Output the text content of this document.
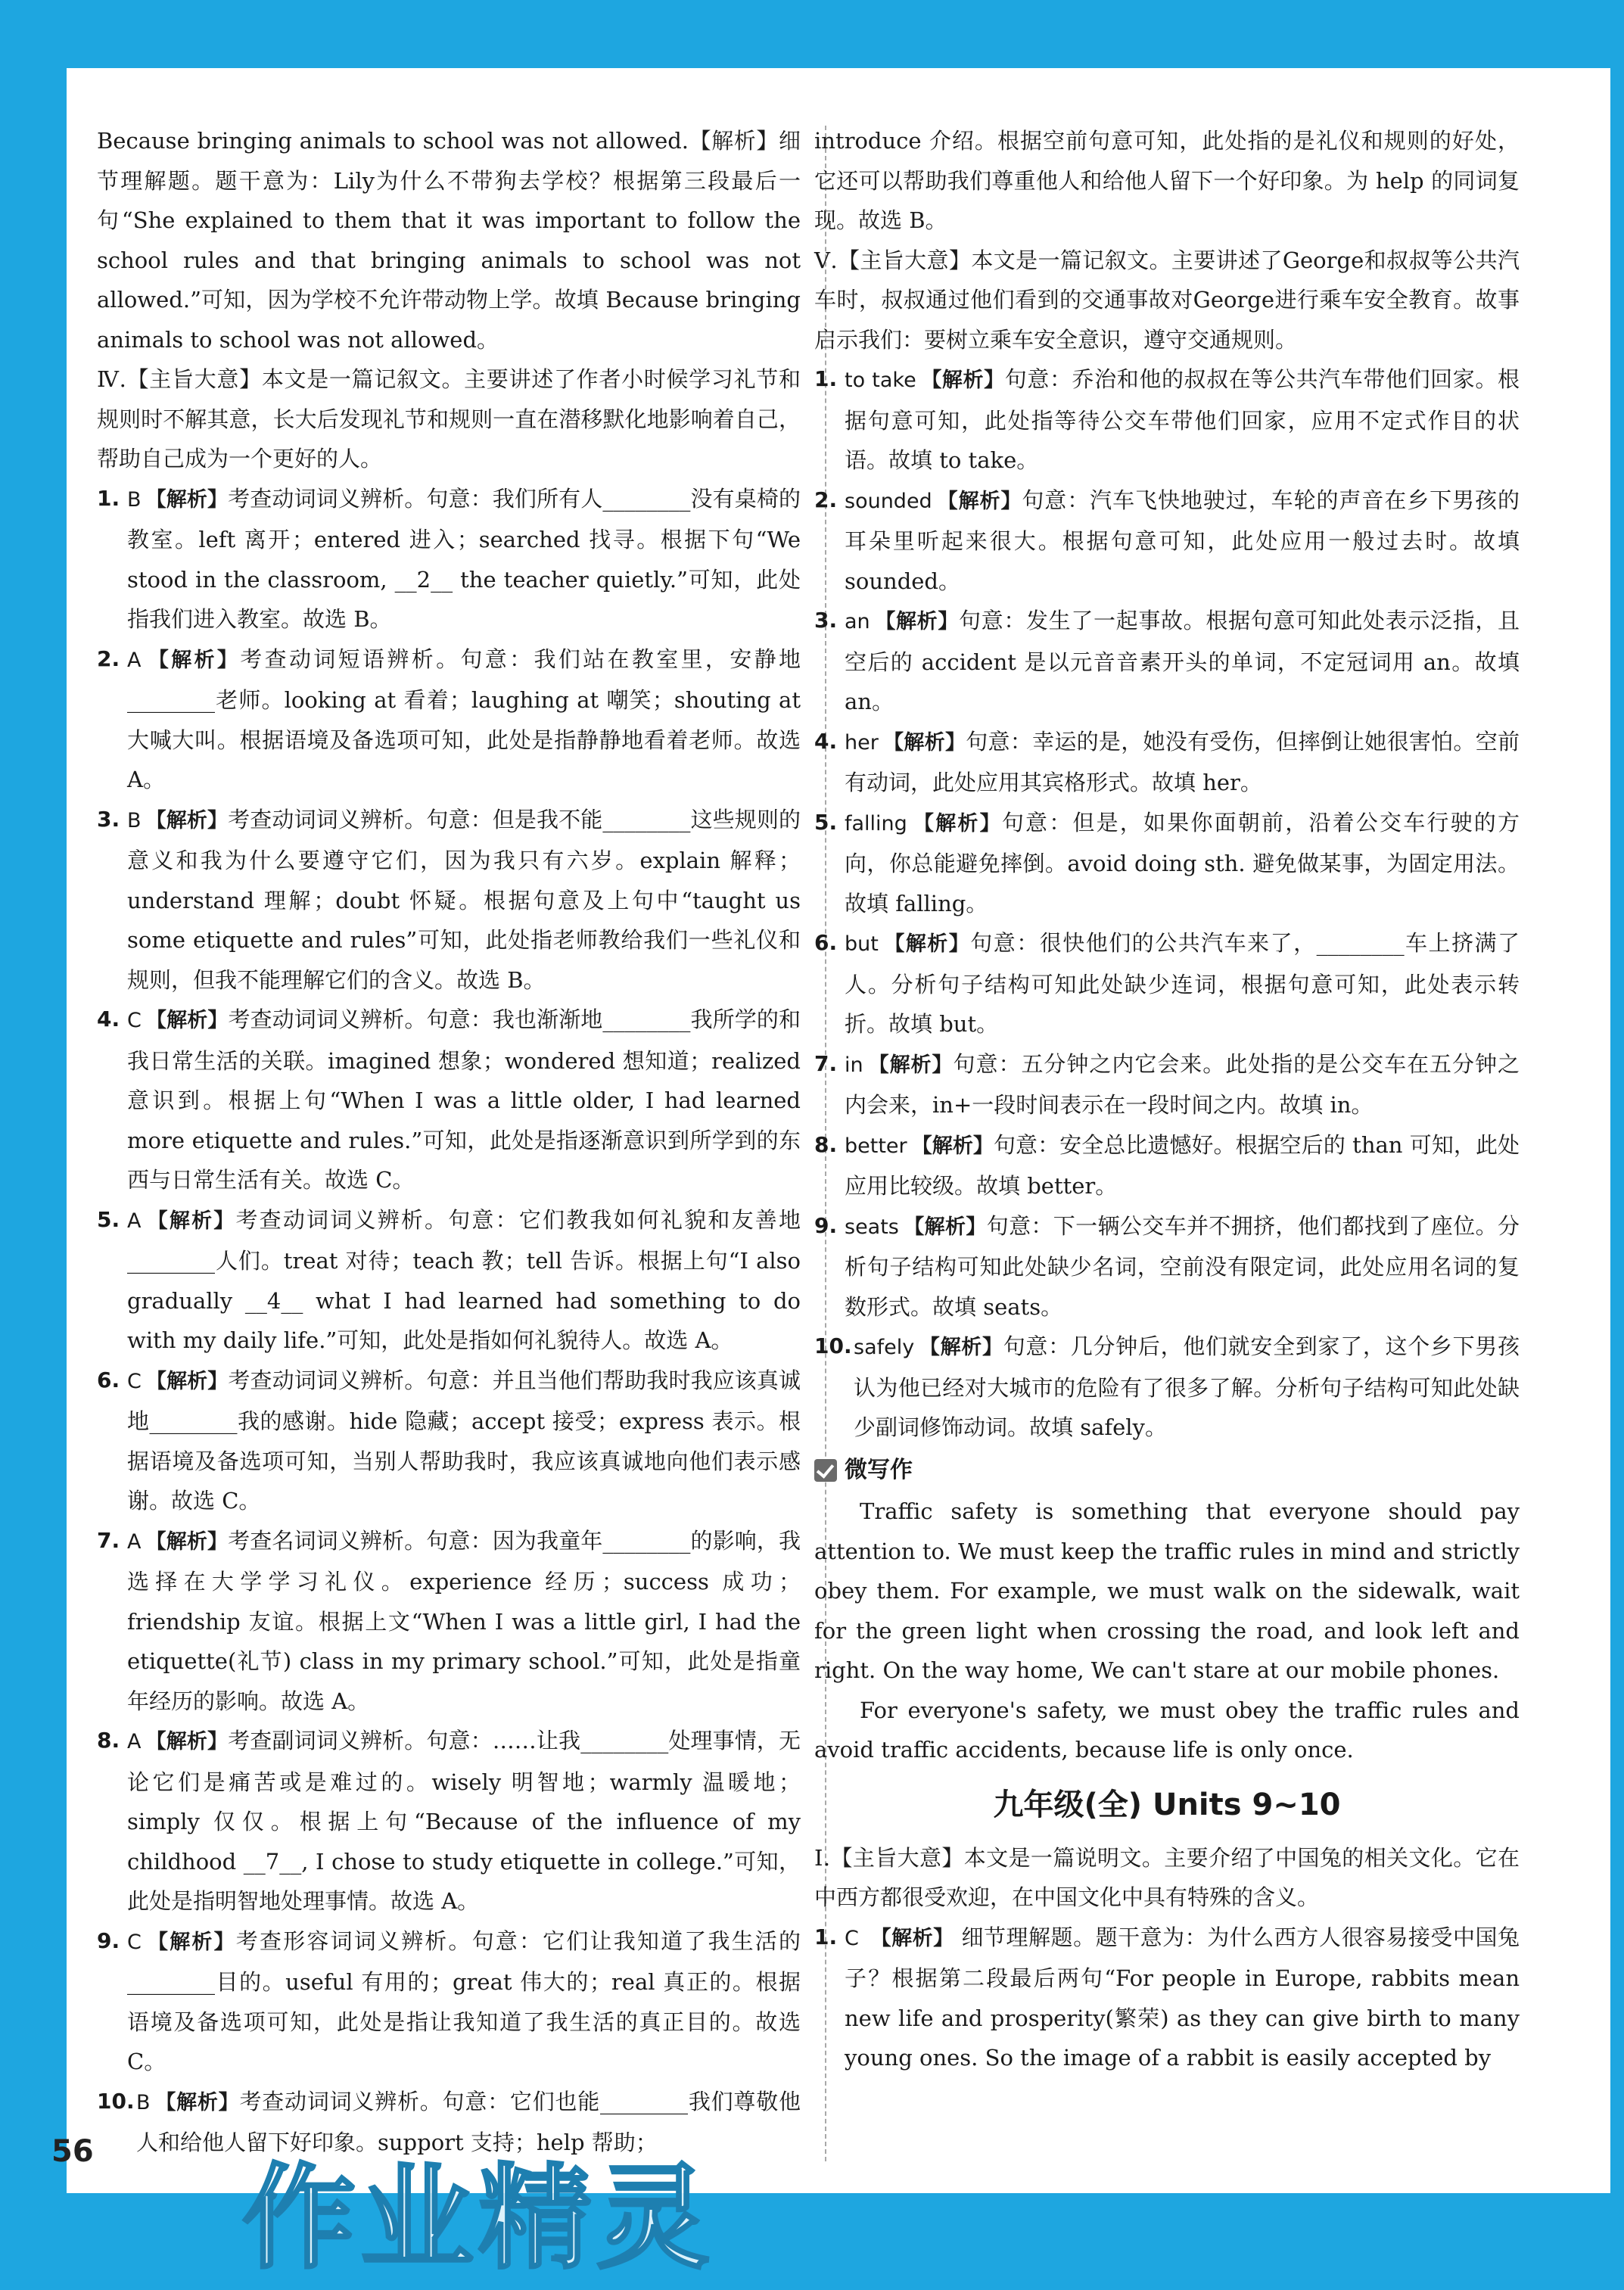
Because bringing animals to school was not allowed.【解析】细节理解题。题干意为：Lily为什么不带狗去学校？根据第三段最后一句“She explained to them that it was important to follow the school rules and that bringing animals to school was not allowed.”可知，因为学校不允许带动物上学。故填 Because bringing animals to school was not allowed。

Ⅳ.【主旨大意】本文是一篇记叙文。主要讲述了作者小时候学习礼节和规则时不解其意，长大后发现礼节和规则一直在潜移默化地影响着自己，帮助自己成为一个更好的人。

1. B 【解析】考查动词词义辨析。句意：我们所有人________没有桌椅的教室。left 离开；entered 进入；searched 找寻。根据下句“We stood in the classroom, __2__ the teacher quietly.”可知，此处指我们进入教室。故选 B。
2. A 【解析】考查动词短语辨析。句意：我们站在教室里，安静地________老师。looking at 看着；laughing at 嘲笑；shouting at 大喊大叫。根据语境及备选项可知，此处是指静静地看着老师。故选 A。
3. B 【解析】考查动词词义辨析。句意：但是我不能________这些规则的意义和我为什么要遵守它们，因为我只有六岁。explain 解释；understand 理解；doubt 怀疑。根据句意及上句中“taught us some etiquette and rules”可知，此处指老师教给我们一些礼仪和规则，但我不能理解它们的含义。故选 B。
4. C 【解析】考查动词词义辨析。句意：我也渐渐地________我所学的和我日常生活的关联。imagined 想象；wondered 想知道；realized 意识到。根据上句“When I was a little older, I had learned more etiquette and rules.”可知，此处是指逐渐意识到所学到的东西与日常生活有关。故选 C。
5. A 【解析】考查动词词义辨析。句意：它们教我如何礼貌和友善地________人们。treat 对待；teach 教；tell 告诉。根据上句“I also gradually __4__ what I had learned had something to do with my daily life.”可知，此处是指如何礼貌待人。故选 A。
6. C 【解析】考查动词词义辨析。句意：并且当他们帮助我时我应该真诚地________我的感谢。hide 隐藏；accept 接受；express 表示。根据语境及备选项可知，当别人帮助我时，我应该真诚地向他们表示感谢。故选 C。
7. A 【解析】考查名词词义辨析。句意：因为我童年________的影响，我选择在大学学习礼仪。experience 经历；success 成功；friendship 友谊。根据上文“When I was a little girl, I had the etiquette(礼节) class in my primary school.”可知，此处是指童年经历的影响。故选 A。
8. A 【解析】考查副词词义辨析。句意：……让我________处理事情，无论它们是痛苦或是难过的。wisely 明智地；warmly 温暖地；simply 仅仅。根据上句“Because of the influence of my childhood __7__, I chose to study etiquette in college.”可知，此处是指明智地处理事情。故选 A。
9. C 【解析】考查形容词词义辨析。句意：它们让我知道了我生活的________目的。useful 有用的；great 伟大的；real 真正的。根据语境及备选项可知，此处是指让我知道了我生活的真正目的。故选 C。
10. B 【解析】考查动词词义辨析。句意：它们也能________我们尊敬他人和给他人留下好印象。support 支持；help 帮助；

introduce 介绍。根据空前句意可知，此处指的是礼仪和规则的好处，它还可以帮助我们尊重他人和给他人留下一个好印象。为 help 的同词复现。故选 B。

Ⅴ.【主旨大意】本文是一篇记叙文。主要讲述了George和叔叔等公共汽车时，叔叔通过他们看到的交通事故对George进行乘车安全教育。故事启示我们：要树立乘车安全意识，遵守交通规则。

1. to take 【解析】句意：乔治和他的叔叔在等公共汽车带他们回家。根据句意可知，此处指等待公交车带他们回家，应用不定式作目的状语。故填 to take。
2. sounded 【解析】句意：汽车飞快地驶过，车轮的声音在乡下男孩的耳朵里听起来很大。根据句意可知，此处应用一般过去时。故填 sounded。
3. an 【解析】句意：发生了一起事故。根据句意可知此处表示泛指，且空后的 accident 是以元音音素开头的单词，不定冠词用 an。故填 an。
4. her 【解析】句意：幸运的是，她没有受伤，但摔倒让她很害怕。空前有动词，此处应用其宾格形式。故填 her。
5. falling 【解析】句意：但是，如果你面朝前，沿着公交车行驶的方向，你总能避免摔倒。avoid doing sth. 避免做某事，为固定用法。故填 falling。
6. but 【解析】句意：很快他们的公共汽车来了，________车上挤满了人。分析句子结构可知此处缺少连词，根据句意可知，此处表示转折。故填 but。
7. in 【解析】句意：五分钟之内它会来。此处指的是公交车在五分钟之内会来，in+一段时间表示在一段时间之内。故填 in。
8. better 【解析】句意：安全总比遗憾好。根据空后的 than 可知，此处应用比较级。故填 better。
9. seats 【解析】句意：下一辆公交车并不拥挤，他们都找到了座位。分析句子结构可知此处缺少名词，空前没有限定词，此处应用名词的复数形式。故填 seats。
10. safely 【解析】句意：几分钟后，他们就安全到家了，这个乡下男孩认为他已经对大城市的危险有了很多了解。分析句子结构可知此处缺少副词修饰动词。故填 safely。
微写作

Traffic safety is something that everyone should pay attention to. We must keep the traffic rules in mind and strictly obey them. For example, we must walk on the sidewalk, wait for the green light when crossing the road, and look left and right. On the way home, We can't stare at our mobile phones.

For everyone's safety, we must obey the traffic rules and avoid traffic accidents, because life is only once.

九年级(全) Units 9~10

Ⅰ.【主旨大意】本文是一篇说明文。主要介绍了中国兔的相关文化。它在中西方都很受欢迎，在中国文化中具有特殊的含义。

1. C 【解析】 细节理解题。题干意为：为什么西方人很容易接受中国兔子？根据第二段最后两句“For people in Europe, rabbits mean new life and prosperity(繁荣) as they can give birth to many young ones. So the image of a rabbit is easily accepted by
56
作业精灵
